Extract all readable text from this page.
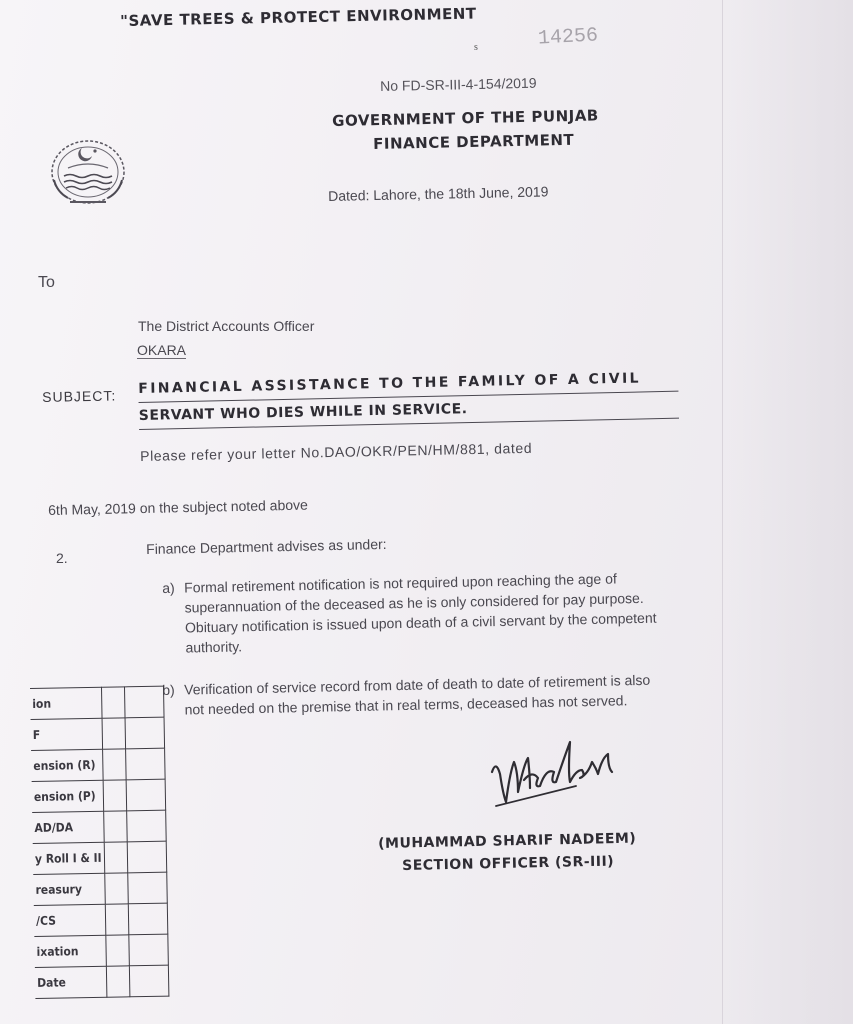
"SAVE TREES & PROTECT ENVIRONMENT
s	14256
No FD-SR-III-4-154/2019
GOVERNMENT OF THE PUNJAB
FINANCE DEPARTMENT
Dated: Lahore, the 18th June, 2019
To
The District Accounts Officer
OKARA
SUBJECT: FINANCIAL ASSISTANCE TO THE FAMILY OF A CIVIL
SERVANT WHO DIES WHILE IN SERVICE.
Please refer your letter No.DAO/OKR/PEN/HM/881, dated
6th May, 2019 on the subject noted above
2.
Finance Department advises as under:
a) Formal retirement notification is not required upon reaching the age of superannuation of the deceased as he is only considered for pay purpose. Obituary notification is issued upon death of a civil servant by the competent authority.
b) Verification of service record from date of death to date of retirement is also not needed on the premise that in real terms, deceased has not served.
(MUHAMMAD SHARIF NADEEM)
SECTION OFFICER (SR-III)
ion		
F		
ension (R)		
ension (P)		
AD/DA		
y Roll I & II		
reasury		
/CS		
ixation		
Date		
